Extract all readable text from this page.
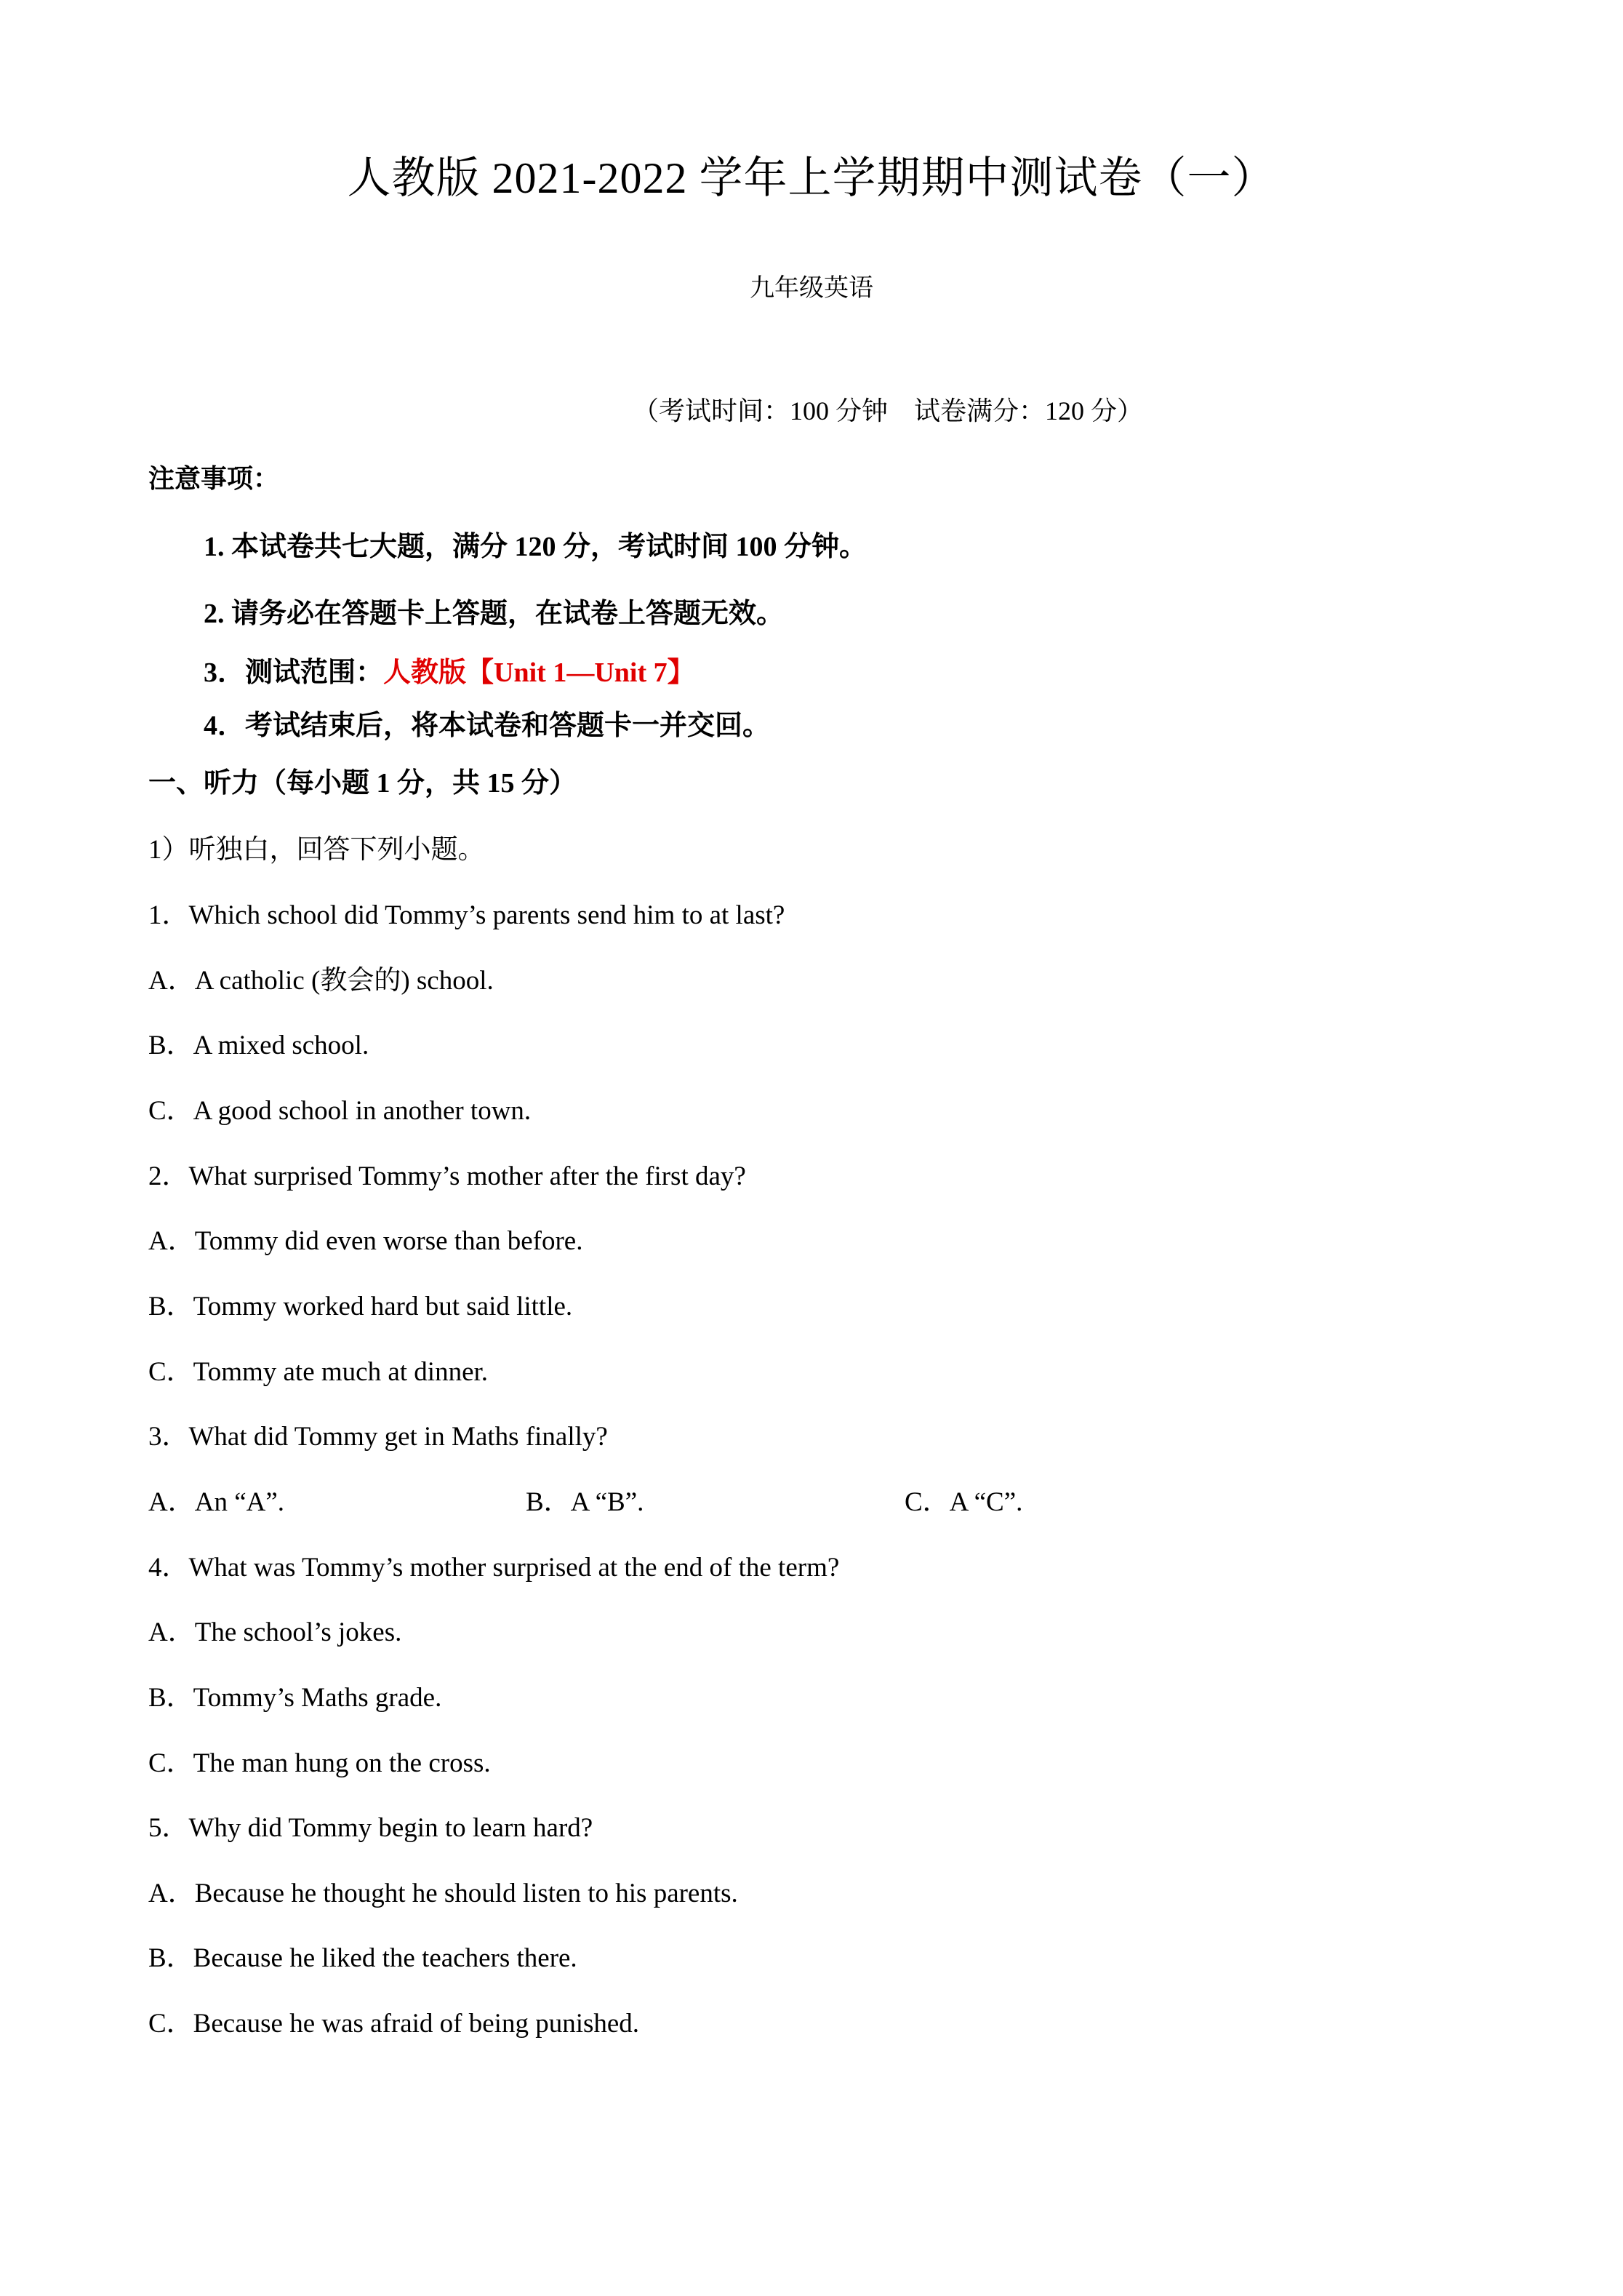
人教版 2021-2022 学年上学期期中测试卷（一）
九年级英语
（考试时间：100 分钟　试卷满分：120 分）
注意事项：
1. 本试卷共七大题，满分 120 分，考试时间 100 分钟。
2. 请务必在答题卡上答题，在试卷上答题无效。
3．测试范围：人教版【Unit 1—Unit 7】
4．考试结束后，将本试卷和答题卡一并交回。
一、听力（每小题 1 分，共 15 分）
1）听独白，回答下列小题。
1．Which school did Tommy’s parents send him to at last?
A．A catholic (教会的) school.
B．A mixed school.
C．A good school in another town.
2．What surprised Tommy’s mother after the first day?
A．Tommy did even worse than before.
B．Tommy worked hard but said little.
C．Tommy ate much at dinner.
3．What did Tommy get in Maths finally?
A．An “A”.	B．A “B”.	C．A “C”.
4．What was Tommy’s mother surprised at the end of the term?
A．The school’s jokes.
B．Tommy’s Maths grade.
C．The man hung on the cross.
5．Why did Tommy begin to learn hard?
A．Because he thought he should listen to his parents.
B．Because he liked the teachers there.
C．Because he was afraid of being punished.
